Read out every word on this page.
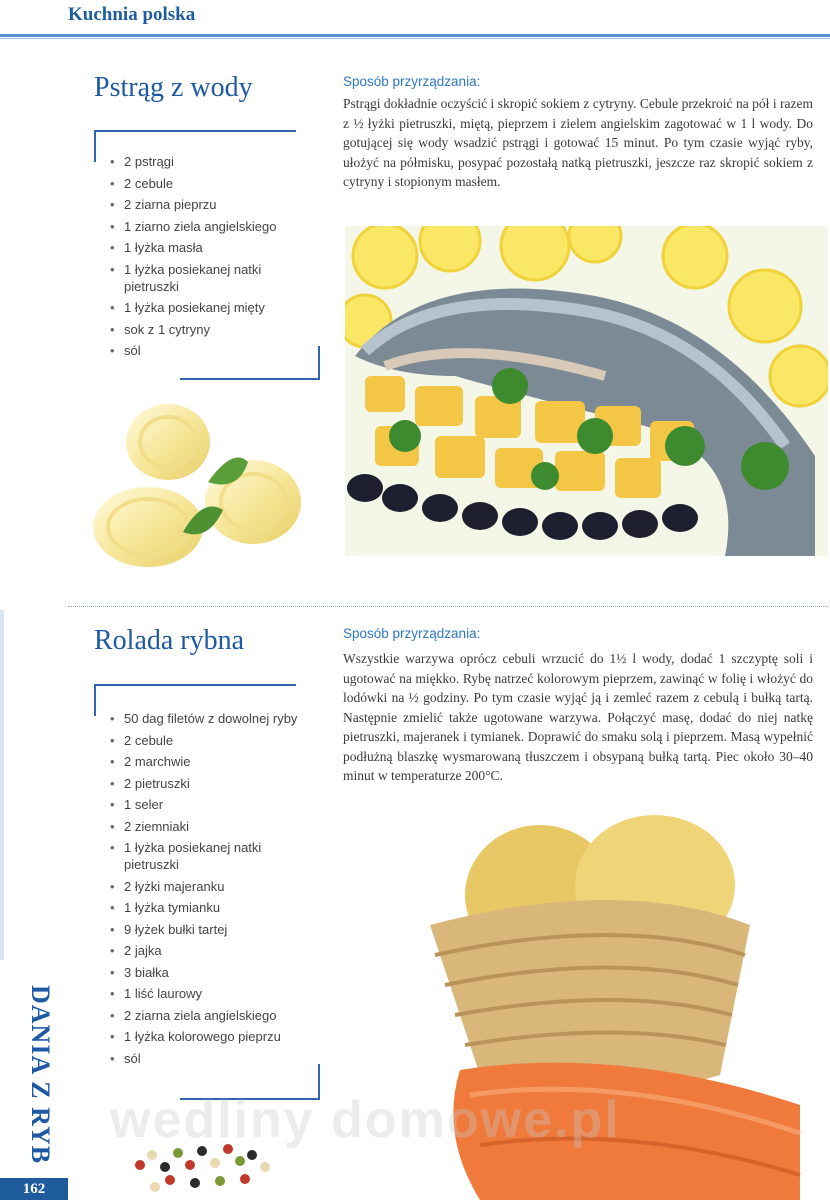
Kuchnia polska
Pstrąg z wody
• 2 pstrągi
• 2 cebule
• 2 ziarna pieprzu
• 1 ziarno ziela angielskiego
• 1 łyżka masła
• 1 łyżka posiekanej natki pietruszki
• 1 łyżka posiekanej mięty
• sok z 1 cytryny
• sól
Sposób przyrządzania:

Pstrągi dokładnie oczyścić i skropić sokiem z cytryny. Cebule przekroić na pół i razem z ½ łyżki pietruszki, miętą, pieprzem i zielem angielskim zagotować w 1 l wody. Do gotującej się wody wsadzić pstrągi i gotować 15 minut. Po tym czasie wyjąć ryby, ułożyć na półmisku, posypać pozostałą natką pietruszki, jeszcze raz skropić sokiem z cytryny i stopionym masłem.

Rolada rybna
• 50 dag filetów z dowolnej ryby
• 2 cebule
• 2 marchwie
• 2 pietruszki
• 1 seler
• 2 ziemniaki
• 1 łyżka posiekanej natki pietruszki
• 2 łyżki majeranku
• 1 łyżka tymianku
• 9 łyżek bułki tartej
• 2 jajka
• 3 białka
• 1 liść laurowy
• 2 ziarna ziela angielskiego
• 1 łyżka kolorowego pieprzu
• sól
Sposób przyrządzania:

Wszystkie warzywa oprócz cebuli wrzucić do 1½ l wody, dodać 1 szczyptę soli i ugotować na miękko. Rybę natrzeć kolorowym pieprzem, zawinąć w folię i włożyć do lodówki na ½ godziny. Po tym czasie wyjąć ją i zemleć razem z cebulą i bułką tartą. Następnie zmielić także ugotowane warzywa. Połączyć masę, dodać do niej natkę pietruszki, majeranek i tymianek. Doprawić do smaku solą i pieprzem. Masą wypełnić podłużną blaszkę wysmarowaną tłuszczem i obsypaną bułką tartą. Piec około 30–40 minut w temperaturze 200°C.

wedliny domowe.pl
DANIA Z RYB
162
